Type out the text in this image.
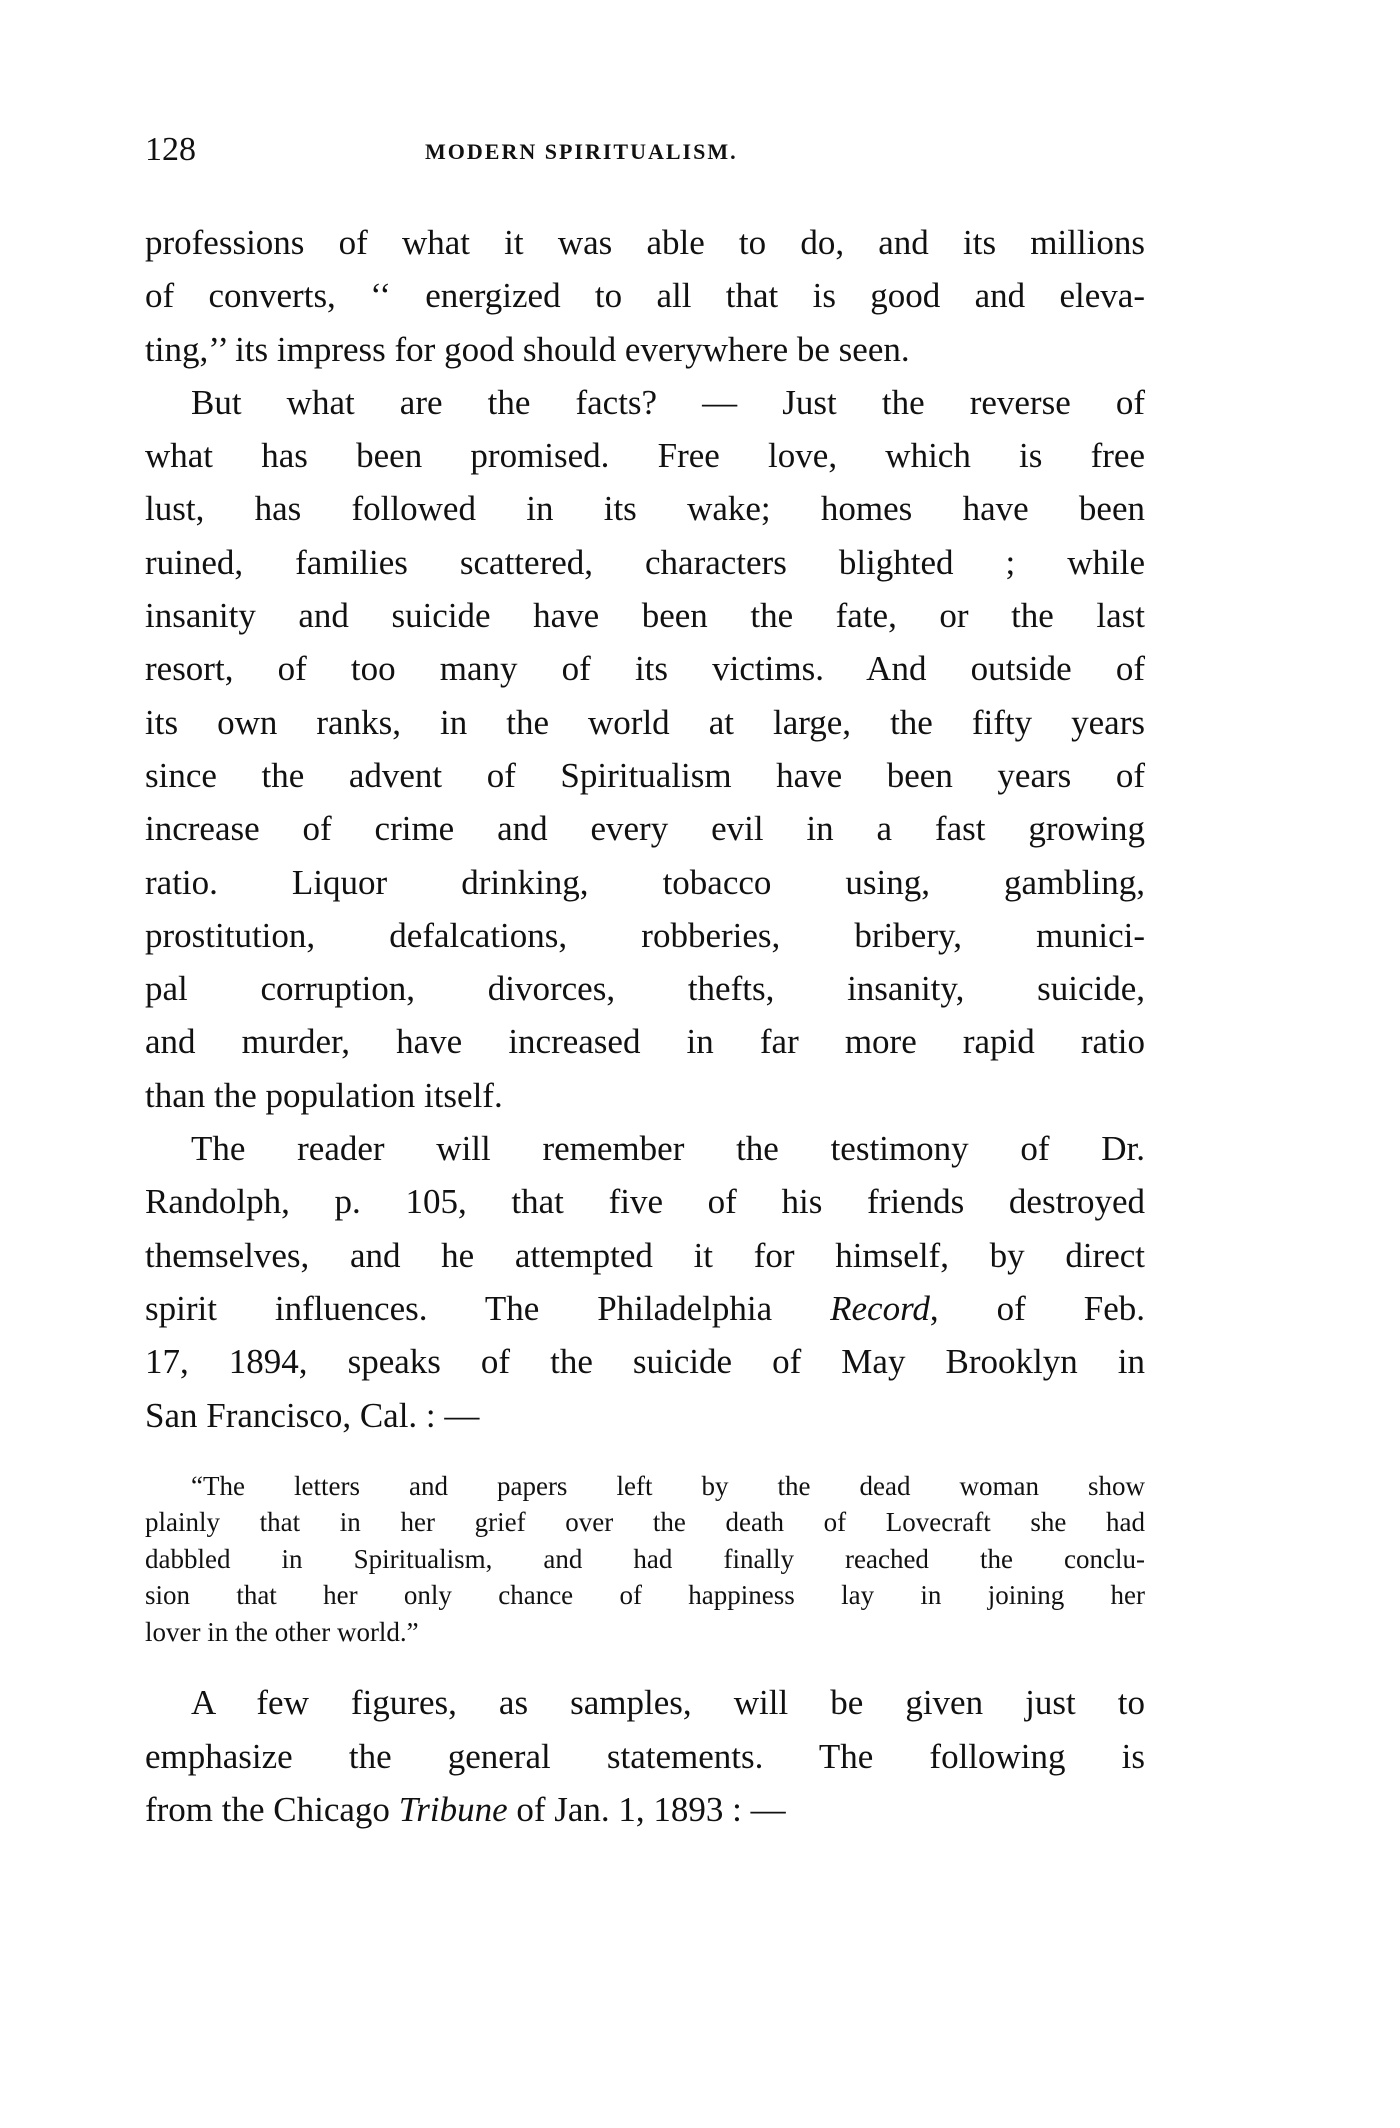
128	MODERN SPIRITUALISM.

professions of what it was able to do, and its millions
of converts, ‘‘ energized to all that is good and eleva-
ting,’’ its impress for good should everywhere be seen.

But what are the facts? — Just the reverse of
what has been promised. Free love, which is free
lust, has followed in its wake; homes have been
ruined, families scattered, characters blighted ; while
insanity and suicide have been the fate, or the last
resort, of too many of its victims. And outside of
its own ranks, in the world at large, the fifty years
since the advent of Spiritualism have been years of
increase of crime and every evil in a fast growing
ratio. Liquor drinking, tobacco using, gambling,
prostitution, defalcations, robberies, bribery, munici-
pal corruption, divorces, thefts, insanity, suicide,
and murder, have increased in far more rapid ratio
than the population itself.

The reader will remember the testimony of Dr.
Randolph, p. 105, that five of his friends destroyed
themselves, and he attempted it for himself, by direct
spirit influences. The Philadelphia Record, of Feb.
17, 1894, speaks of the suicide of May Brooklyn in
San Francisco, Cal. : —

“The letters and papers left by the dead woman show
plainly that in her grief over the death of Lovecraft she had
dabbled in Spiritualism, and had finally reached the conclu-
sion that her only chance of happiness lay in joining her
lover in the other world.”

A few figures, as samples, will be given just to
emphasize the general statements. The following is
from the Chicago Tribune of Jan. 1, 1893 : —
